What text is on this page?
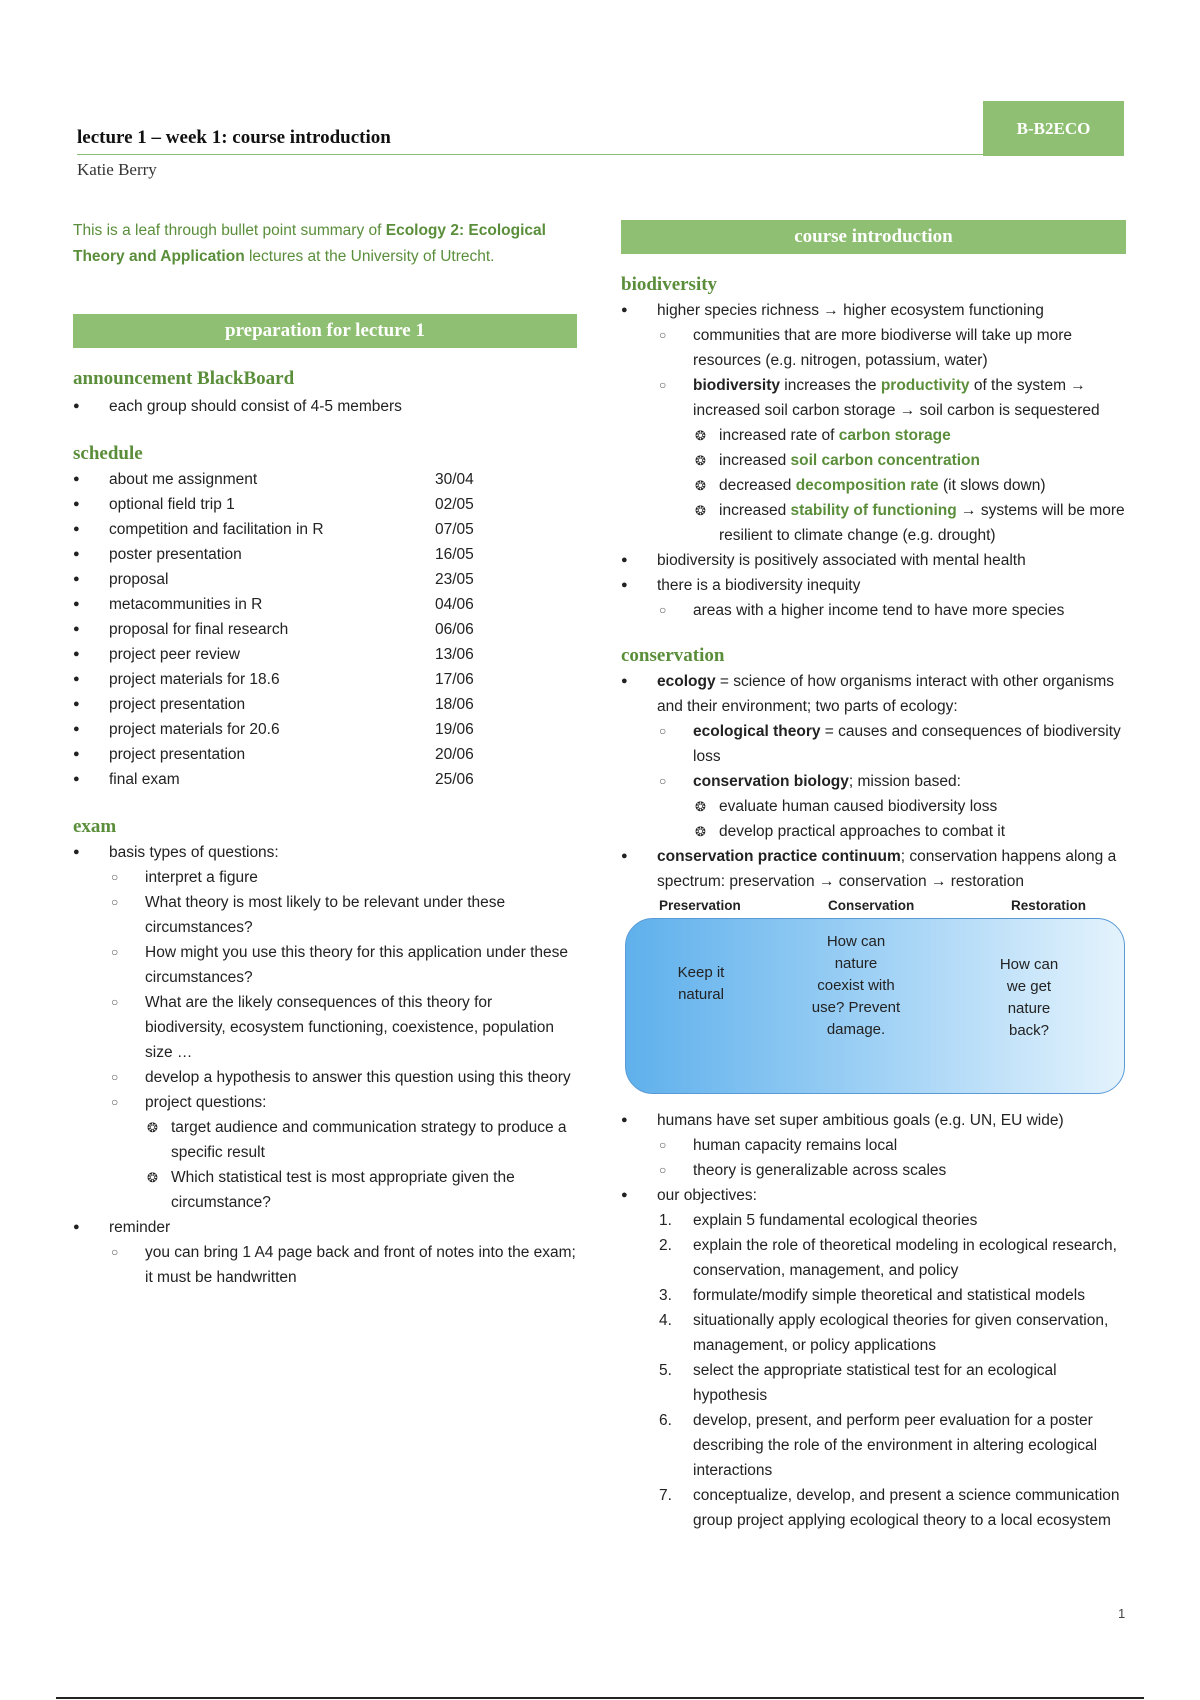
B-B2ECO
lecture 1 – week 1: course introduction
Katie Berry

This is a leaf through bullet point summary of Ecology 2: Ecological Theory and Application lectures at the University of Utrecht.

preparation for lecture 1
announcement BlackBoard
● each group should consist of 4-5 members
schedule
● about me assignment	30/04
● optional field trip 1	02/05
● competition and facilitation in R	07/05
● poster presentation	16/05
● proposal	23/05
● metacommunities in R	04/06
● proposal for final research	06/06
● project peer review	13/06
● project materials for 18.6	17/06
● project presentation	18/06
● project materials for 20.6	19/06
● project presentation	20/06
● final exam	25/06
exam
● basis types of questions:
○ interpret a figure
○ What theory is most likely to be relevant under these circumstances?
○ How might you use this theory for this application under these circumstances?
○ What are the likely consequences of this theory for biodiversity, ecosystem functioning, coexistence, population size …
○ develop a hypothesis to answer this question using this theory
○ project questions:
❂ target audience and communication strategy to produce a specific result
❂ Which statistical test is most appropriate given the circumstance?
● reminder
○ you can bring 1 A4 page back and front of notes into the exam; it must be handwritten
course introduction
biodiversity
● higher species richness → higher ecosystem functioning
○ communities that are more biodiverse will take up more resources (e.g. nitrogen, potassium, water)
○ biodiversity increases the productivity of the system → increased soil carbon storage → soil carbon is sequestered
❂ increased rate of carbon storage
❂ increased soil carbon concentration
❂ decreased decomposition rate (it slows down)
❂ increased stability of functioning → systems will be more resilient to climate change (e.g. drought)
● biodiversity is positively associated with mental health
● there is a biodiversity inequity
○ areas with a higher income tend to have more species
conservation
● ecology = science of how organisms interact with other organisms and their environment; two parts of ecology:
○ ecological theory = causes and consequences of biodiversity loss
○ conservation biology; mission based:
❂ evaluate human caused biodiversity loss
❂ develop practical approaches to combat it
● conservation practice continuum; conservation happens along a spectrum: preservation → conservation → restoration
Preservation	Conservation	Restoration
Keep it natural
How can nature coexist with use? Prevent damage.
How can we get nature back?
● humans have set super ambitious goals (e.g. UN, EU wide)
○ human capacity remains local
○ theory is generalizable across scales
● our objectives:
1. explain 5 fundamental ecological theories
2. explain the role of theoretical modeling in ecological research, conservation, management, and policy
3. formulate/modify simple theoretical and statistical models
4. situationally apply ecological theories for given conservation, management, or policy applications
5. select the appropriate statistical test for an ecological hypothesis
6. develop, present, and perform peer evaluation for a poster describing the role of the environment in altering ecological interactions
7. conceptualize, develop, and present a science communication group project applying ecological theory to a local ecosystem
1
